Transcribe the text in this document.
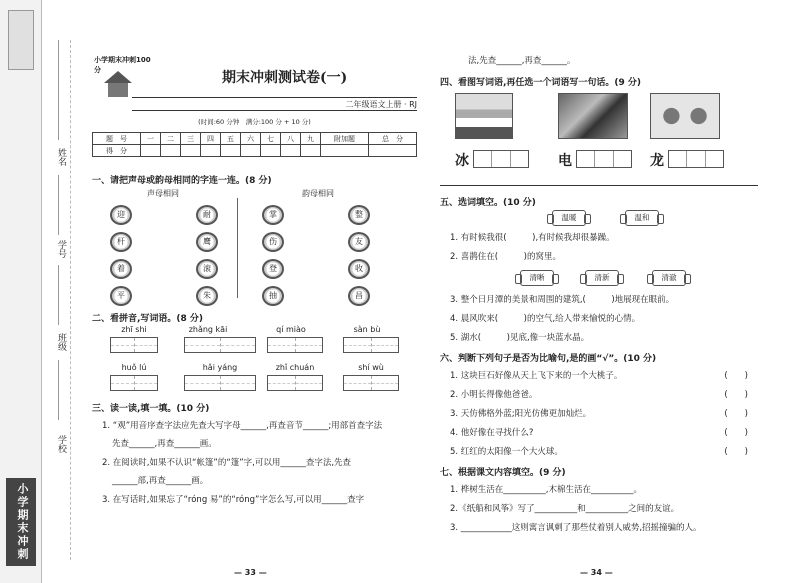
小学期末冲刺
姓名
学号
班级
学校
小学期末冲刺100分	期末冲刺测试卷(一)
二年级语文上册 · RJ
(时间:60 分钟　满分:100 分 + 10 分)
题　号	一	二	三	四	五	六	七	八	九	附加题	总　分
得　分											
一、请把声母或韵母相同的字连一连。(8 分)
声母相同	韵母相同
迎
杆
着
平
耐
鹰
滚
朱
掌
伤
登
抽
整
友
收
昌
二、看拼音,写词语。(8 分)
zhī shi	zhǎng kāi	qí miào	sàn bù
huǒ lú	hǎi yáng	zhǐ chuán	shí wù
三、读一读,填一填。(10 分)
1. “观”用音序查字法应先查大写字母______,再查音节______;用部首查字法
先查______,再查______画。
2. 在阅读时,如果不认识“帐篷”的“篷”字,可以用______查字法,先查
______部,再查______画。
3. 在写话时,如果忘了“róng 易”的“róng”字怎么写,可以用______查字
— 33 —
法,先查______,再查______。
四、看图写词语,再任选一个词语写一句话。(9 分)
冰	电	龙
五、选词填空。(10 分)
温暖	温和
1. 有时候我很(　　　),有时候我却很暴躁。
2. 喜鹊住在(　　　)的窝里。
清晰	清新	清澈
3. 整个日月潭的美景和周围的建筑,(　　　)地展现在眼前。
4. 晨风吹来(　　　)的空气,给人带来愉悦的心情。
5. 湖水(　　　)见底,像一块蓝水晶。
六、判断下列句子是否为比喻句,是的画“√”。(10 分)
1. 这块巨石好像从天上飞下来的一个大桃子。	(　　)
2. 小明长得像他爸爸。	(　　)
3. 天仿佛格外蓝;阳光仿佛更加灿烂。	(　　)
4. 他好像在寻找什么?	(　　)
5. 红红的太阳像一个大火球。	(　　)
七、根据课文内容填空。(9 分)
1. 桦树生活在__________,木棉生活在__________。
2.《纸船和风筝》写了__________和__________之间的友谊。
3. ____________这则寓言讽刺了那些仗着别人威势,招摇撞骗的人。
— 34 —
